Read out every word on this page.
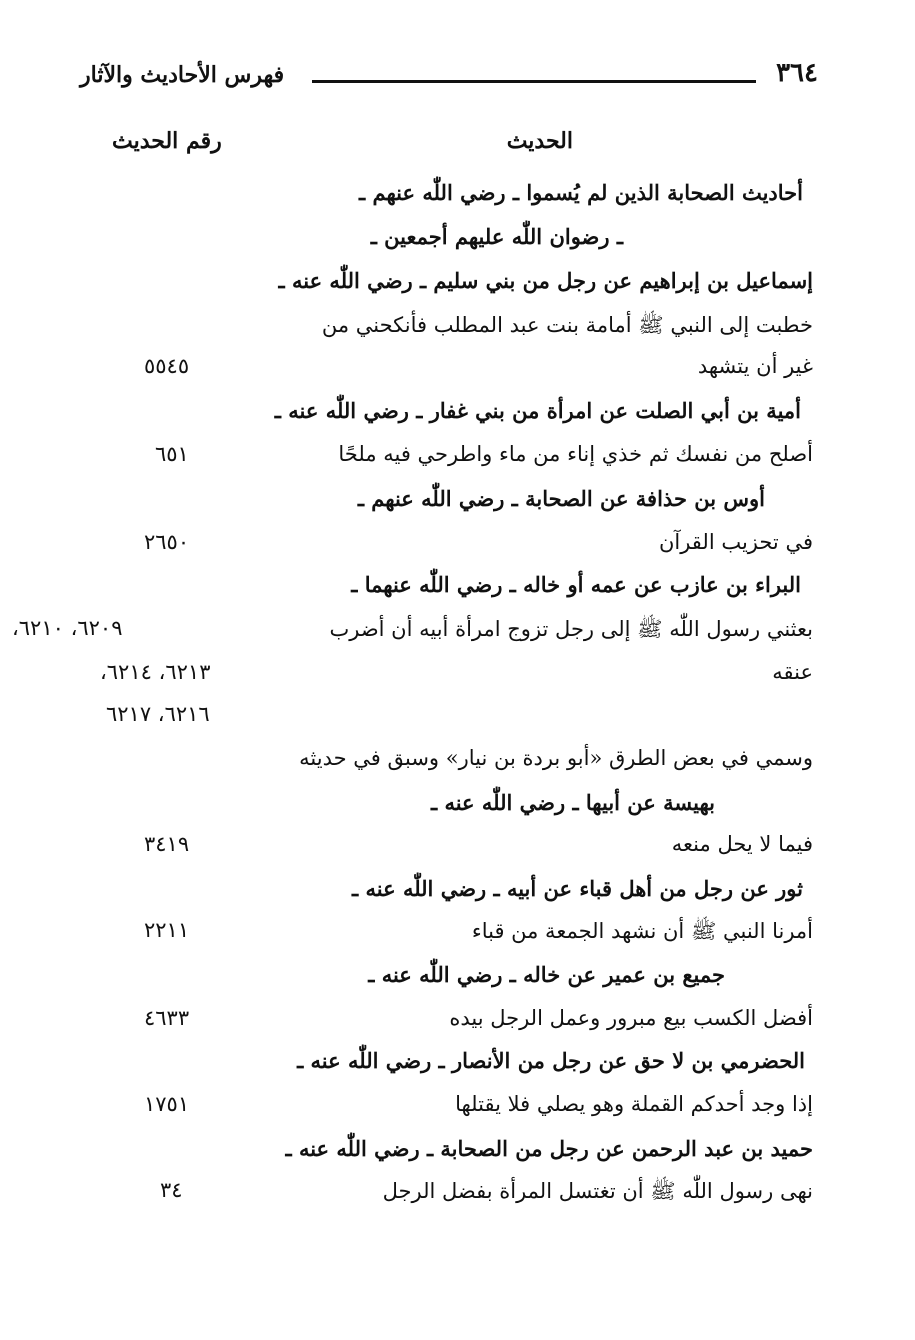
٣٦٤
فهرس الأحاديث والآثار
الحديث
رقم الحديث
أحاديث الصحابة الذين لم يُسموا ـ رضي اللّٰه عنهم ـ
ـ رضوان اللّٰه عليهم أجمعين ـ
إسماعيل بن إبراهيم عن رجل من بني سليم ـ رضي اللّٰه عنه ـ
خطبت إلى النبي ﷺ أمامة بنت عبد المطلب فأنكحني من
غير أن يتشهد
أمية بن أبي الصلت عن امرأة من بني غفار ـ رضي اللّٰه عنه ـ
أصلح من نفسك ثم خذي إناء من ماء واطرحي فيه ملحًا
أوس بن حذافة عن الصحابة ـ رضي اللّٰه عنهم ـ
في تحزيب القرآن
البراء بن عازب عن عمه أو خاله ـ رضي اللّٰه عنهما ـ
بعثني رسول اللّٰه ﷺ إلى رجل تزوج امرأة أبيه أن أضرب
عنقه
وسمي في بعض الطرق «أبو بردة بن نيار» وسبق في حديثه
بهيسة عن أبيها ـ رضي اللّٰه عنه ـ
فيما لا يحل منعه
ثور عن رجل من أهل قباء عن أبيه ـ رضي اللّٰه عنه ـ
أمرنا النبي ﷺ أن نشهد الجمعة من قباء
جميع بن عمير عن خاله ـ رضي اللّٰه عنه ـ
أفضل الكسب بيع مبرور وعمل الرجل بيده
الحضرمي بن لا حق عن رجل من الأنصار ـ رضي اللّٰه عنه ـ
إذا وجد أحدكم القملة وهو يصلي فلا يقتلها
حميد بن عبد الرحمن عن رجل من الصحابة ـ رضي اللّٰه عنه ـ
نهى رسول اللّٰه ﷺ أن تغتسل المرأة بفضل الرجل
٥٥٤٥
٦٥١
٢٦٥٠
٦٢٠٩، ٦٢١٠،
٦٢١٣، ٦٢١٤،
٦٢١٦، ٦٢١٧
٣٤١٩
٢٢١١
٤٦٣٣
١٧٥١
٣٤
